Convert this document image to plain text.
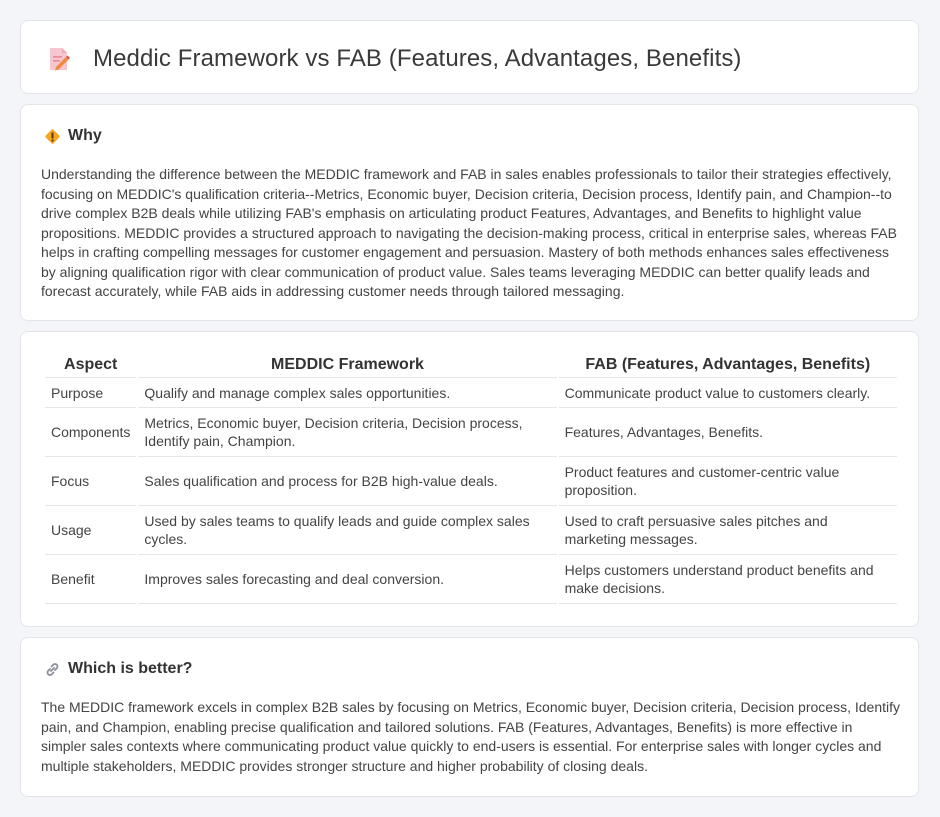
Meddic Framework vs FAB (Features, Advantages, Benefits)
Why

Understanding the difference between the MEDDIC framework and FAB in sales enables professionals to tailor their strategies effectively, focusing on MEDDIC's qualification criteria--Metrics, Economic buyer, Decision criteria, Decision process, Identify pain, and Champion--to drive complex B2B deals while utilizing FAB's emphasis on articulating product Features, Advantages, and Benefits to highlight value propositions. MEDDIC provides a structured approach to navigating the decision-making process, critical in enterprise sales, whereas FAB helps in crafting compelling messages for customer engagement and persuasion. Mastery of both methods enhances sales effectiveness by aligning qualification rigor with clear communication of product value. Sales teams leveraging MEDDIC can better qualify leads and forecast accurately, while FAB aids in addressing customer needs through tailored messaging.

Aspect	MEDDIC Framework	FAB (Features, Advantages, Benefits)
Purpose	Qualify and manage complex sales opportunities.	Communicate product value to customers clearly.
Components	Metrics, Economic buyer, Decision criteria, Decision process, Identify pain, Champion.	Features, Advantages, Benefits.
Focus	Sales qualification and process for B2B high-value deals.	Product features and customer-centric value proposition.
Usage	Used by sales teams to qualify leads and guide complex sales cycles.	Used to craft persuasive sales pitches and marketing messages.
Benefit	Improves sales forecasting and deal conversion.	Helps customers understand product benefits and make decisions.
Which is better?

The MEDDIC framework excels in complex B2B sales by focusing on Metrics, Economic buyer, Decision criteria, Decision process, Identify pain, and Champion, enabling precise qualification and tailored solutions. FAB (Features, Advantages, Benefits) is more effective in simpler sales contexts where communicating product value quickly to end-users is essential. For enterprise sales with longer cycles and multiple stakeholders, MEDDIC provides stronger structure and higher probability of closing deals.
